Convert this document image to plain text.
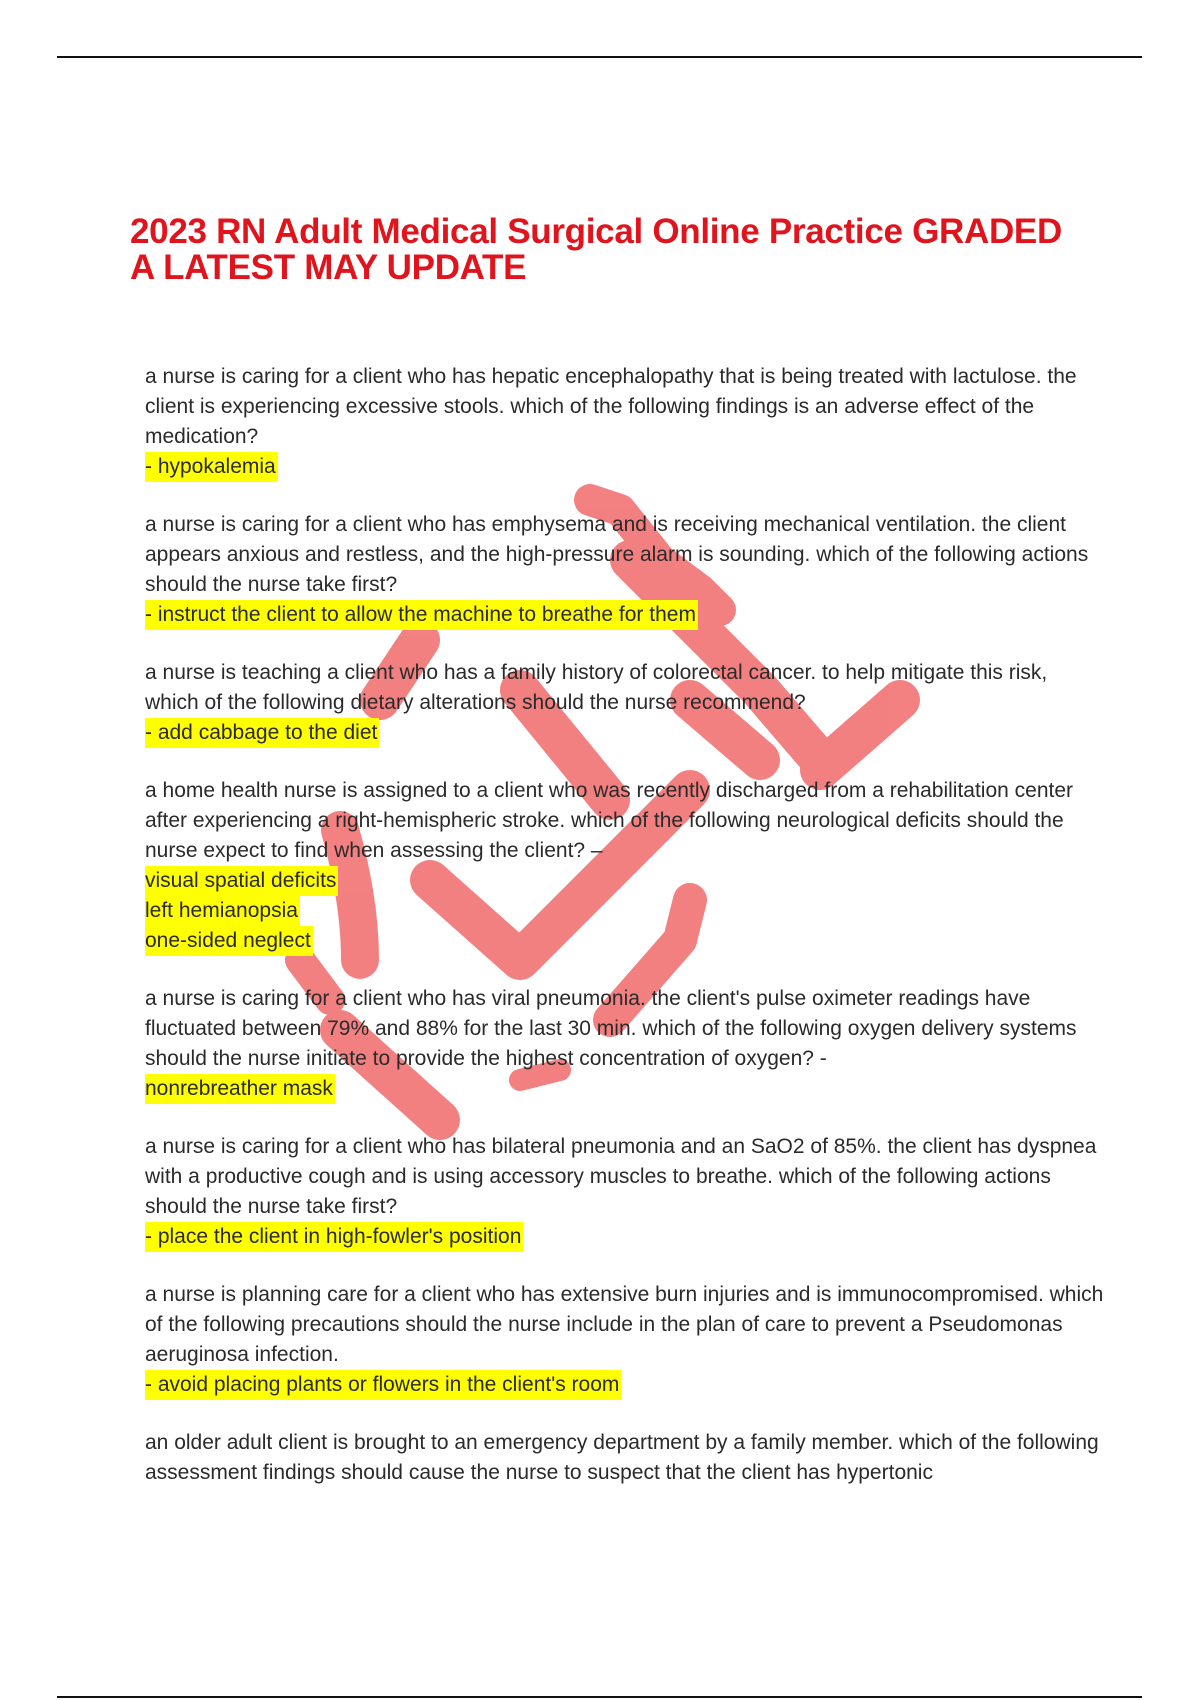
2023 RN Adult Medical Surgical Online Practice GRADED A LATEST MAY UPDATE

a nurse is caring for a client who has hepatic encephalopathy that is being treated with lactulose. the client is experiencing excessive stools. which of the following findings is an adverse effect of the medication?

- hypokalemia

a nurse is caring for a client who has emphysema and is receiving mechanical ventilation. the client appears anxious and restless, and the high-pressure alarm is sounding. which of the following actions should the nurse take first?

- instruct the client to allow the machine to breathe for them

a nurse is teaching a client who has a family history of colorectal cancer. to help mitigate this risk, which of the following dietary alterations should the nurse recommend?

- add cabbage to the diet

a home health nurse is assigned to a client who was recently discharged from a rehabilitation center after experiencing a right-hemispheric stroke. which of the following neurological deficits should the nurse expect to find when assessing the client? –

visual spatial deficits
left hemianopsia
one-sided neglect

a nurse is caring for a client who has viral pneumonia. the client's pulse oximeter readings have fluctuated between 79% and 88% for the last 30 min. which of the following oxygen delivery systems should the nurse initiate to provide the highest concentration of oxygen? -

nonrebreather mask

a nurse is caring for a client who has bilateral pneumonia and an SaO2 of 85%. the client has dyspnea with a productive cough and is using accessory muscles to breathe. which of the following actions should the nurse take first?

- place the client in high-fowler's position

a nurse is planning care for a client who has extensive burn injuries and is immunocompromised. which of the following precautions should the nurse include in the plan of care to prevent a Pseudomonas aeruginosa infection.

- avoid placing plants or flowers in the client's room

an older adult client is brought to an emergency department by a family member. which of the following assessment findings should cause the nurse to suspect that the client has hypertonic
